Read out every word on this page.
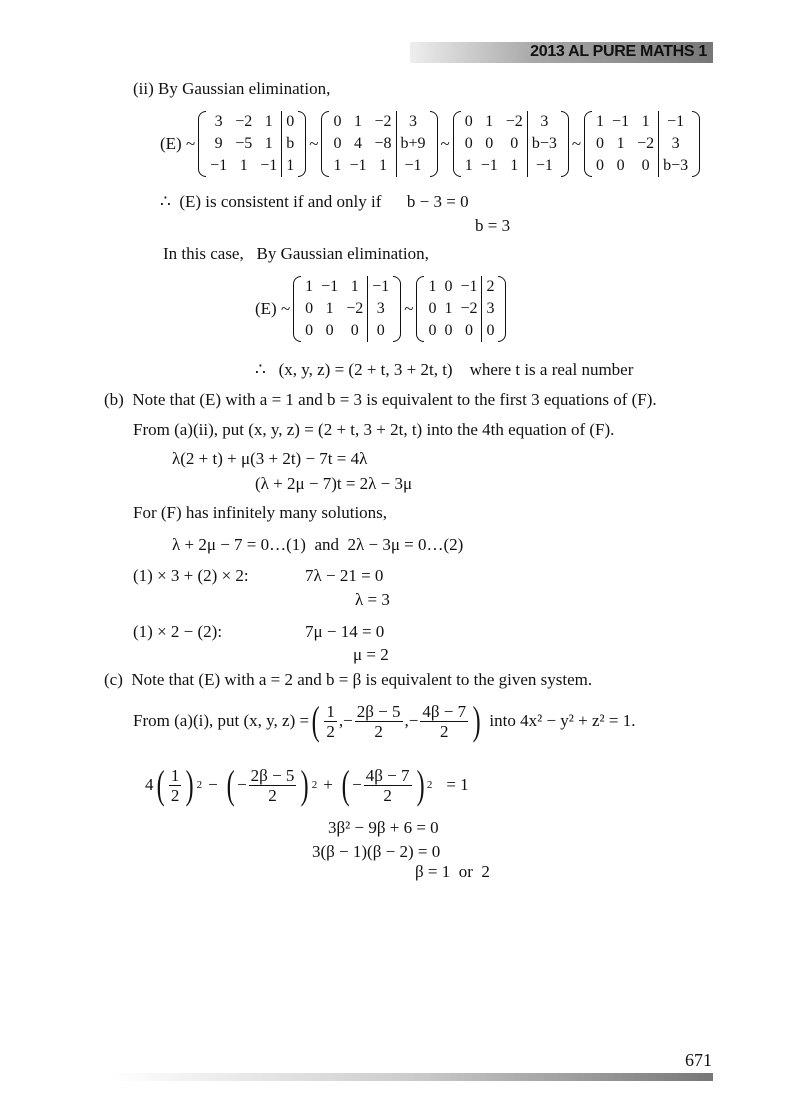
2013 AL PURE MATHS 1
(ii) By Gaussian elimination,
(E) ~
3	−2	1	0
9	−5	1	b
−1	1	−1	1
~
0	1	−2	3
0	4	−8	b+9
1	−1	1	−1
~
0	1	−2	3
0	0	0	b−3
1	−1	1	−1
~
1	−1	1	−1
0	1	−2	3
0	0	0	b−3
∴  (E) is consistent if and only if      b − 3 = 0
b = 3
In this case,   By Gaussian elimination,
(E) ~
1	−1	1	−1
0	1	−2	3
0	0	0	0
~
1	0	−1	2
0	1	−2	3
0	0	0	0
∴   (x, y, z) = (2 + t, 3 + 2t, t)    where t is a real number
(b)  Note that (E) with a = 1 and b = 3 is equivalent to the first 3 equations of (F).
From (a)(ii), put (x, y, z) = (2 + t, 3 + 2t, t) into the 4th equation of (F).
λ(2 + t) + μ(3 + 2t) − 7t = 4λ
(λ + 2μ − 7)t = 2λ − 3μ
For (F) has infinitely many solutions,
λ + 2μ − 7 = 0…(1)  and  2λ − 3μ = 0…(2)
(1) × 3 + (2) × 2:	7λ − 21 = 0
λ = 3
(1) × 2 − (2):	7μ − 14 = 0
μ = 2
(c)  Note that (E) with a = 2 and b = β is equivalent to the given system.
From (a)(i), put (x, y, z) = ( $\frac{1}{2}$ , − $\frac{2\beta - 5}{2}$ , − $\frac{4\beta - 7}{2}$ ) into 4x² − y² + z² = 1.
4 ( $\frac{1}{2}$ ) 2 − ( − $\frac{2\beta - 5}{2}$ ) 2 + ( − $\frac{4\beta - 7}{2}$ ) 2 = 1
3β² − 9β + 6 = 0
3(β − 1)(β − 2) = 0
β = 1  or  2
671
